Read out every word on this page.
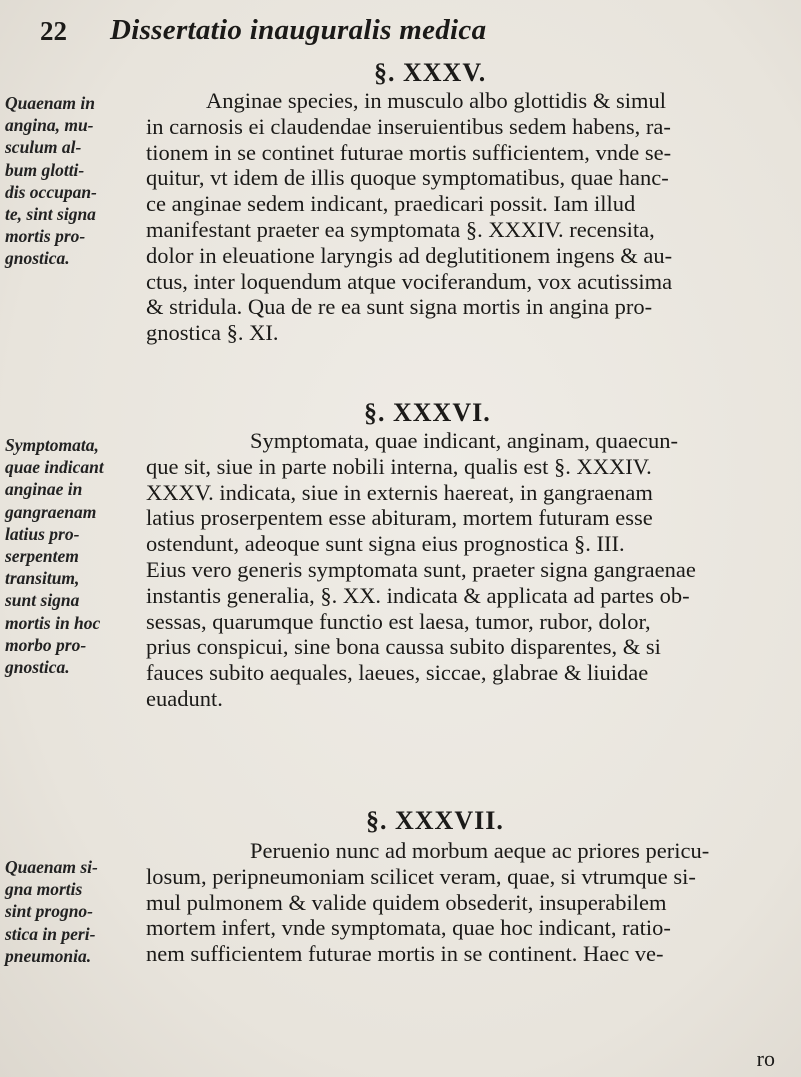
22 Dissertatio inauguralis medica
§. XXXV.
Quaenam in
angina, mu-
sculum al-
bum glotti-
dis occupan-
te, sint signa
mortis pro-
gnostica.
Anginae species, in musculo albo glottidis & simul
in carnosis ei claudendae inseruientibus sedem habens, ra-
tionem in se continet futurae mortis sufficientem, vnde se-
quitur, vt idem de illis quoque symptomatibus, quae hanc-
ce anginae sedem indicant, praedicari possit. Iam illud
manifestant praeter ea symptomata §. XXXIV. recensita,
dolor in eleuatione laryngis ad deglutitionem ingens & au-
ctus, inter loquendum atque vociferandum, vox acutissima
& stridula. Qua de re ea sunt signa mortis in angina pro-
gnostica §. XI.
§. XXXVI.
Symptomata,
quae indicant
anginae in
gangraenam
latius pro-
serpentem
transitum,
sunt signa
mortis in hoc
morbo pro-
gnostica.
Symptomata, quae indicant, anginam, quaecun-
que sit, siue in parte nobili interna, qualis est §. XXXIV.
XXXV. indicata, siue in externis haereat, in gangraenam
latius proserpentem esse abituram, mortem futuram esse
ostendunt, adeoque sunt signa eius prognostica §. III.
Eius vero generis symptomata sunt, praeter signa gangraenae
instantis generalia, §. XX. indicata & applicata ad partes ob-
sessas, quarumque functio est laesa, tumor, rubor, dolor,
prius conspicui, sine bona caussa subito disparentes, & si
fauces subito aequales, laeues, siccae, glabrae & liuidae
euadunt.
§. XXXVII.
Quaenam si-
gna mortis
sint progno-
stica in peri-
pneumonia.
Peruenio nunc ad morbum aeque ac priores pericu-
losum, peripneumoniam scilicet veram, quae, si vtrumque si-
mul pulmonem & valide quidem obsederit, insuperabilem
mortem infert, vnde symptomata, quae hoc indicant, ratio-
nem sufficientem futurae mortis in se continent. Haec ve-
ro
